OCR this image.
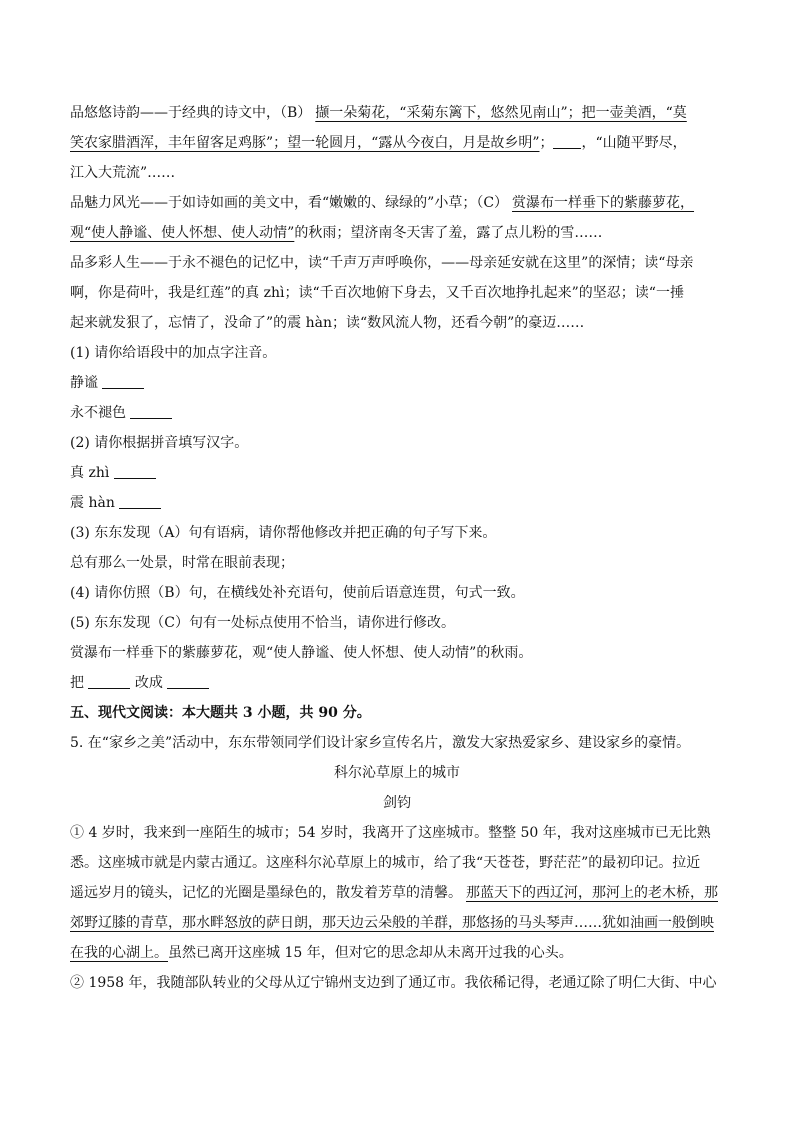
品悠悠诗韵——于经典的诗文中，（B） 撷一朵菊花，“采菊东篱下，悠然见南山”；把一壶美酒，“莫

笑农家腊酒浑，丰年留客足鸡豚”；望一轮圆月，“露从今夜白，月是故乡明”； ，“山随平野尽，

江入大荒流”……

品魅力风光——于如诗如画的美文中，看“嫩嫩的、绿绿的”小草；（C） 赏瀑布一样垂下的紫藤萝花，

观“使人静谧、使人怀想、使人动情”的秋雨；望济南冬天害了羞，露了点儿粉的雪……

品多彩人生——于永不褪色的记忆中，读“千声万声呼唤你，——母亲延安就在这里”的深情；读“母亲

啊，你是荷叶，我是红莲”的真 zhì；读“千百次地俯下身去，又千百次地挣扎起来”的坚忍；读“一捶

起来就发狠了，忘情了，没命了”的震 hàn；读“数风流人物，还看今朝”的豪迈……

(1) 请你给语段中的加点字注音。

静谧

永不褪色

(2) 请你根据拼音填写汉字。

真 zhì

震 hàn

(3) 东东发现（A）句有语病，请你帮他修改并把正确的句子写下来。

总有那么一处景，时常在眼前表现；

(4) 请你仿照（B）句，在横线处补充语句，使前后语意连贯，句式一致。

(5) 东东发现（C）句有一处标点使用不恰当，请你进行修改。

赏瀑布一样垂下的紫藤萝花，观“使人静谧、使人怀想、使人动情”的秋雨。

把	改成

五、现代文阅读：本大题共 3 小题，共 90 分。

5. 在“家乡之美”活动中，东东带领同学们设计家乡宣传名片，激发大家热爱家乡、建设家乡的豪情。

科尔沁草原上的城市

剑钧

① 4 岁时，我来到一座陌生的城市；54 岁时，我离开了这座城市。整整 50 年，我对这座城市已无比熟

悉。这座城市就是内蒙古通辽。这座科尔沁草原上的城市，给了我“天苍苍，野茫茫”的最初印记。拉近

遥远岁月的镜头，记忆的光圈是墨绿色的，散发着芳草的清馨。 那蓝天下的西辽河，那河上的老木桥，那

郊野辽膝的青草，那水畔怒放的萨日朗，那天边云朵般的羊群，那悠扬的马头琴声……犹如油画一般倒映

在我的心湖上。虽然已离开这座城 15 年，但对它的思念却从未离开过我的心头。

② 1958 年，我随部队转业的父母从辽宁锦州支边到了通辽市。我依稀记得，老通辽除了明仁大街、中心
